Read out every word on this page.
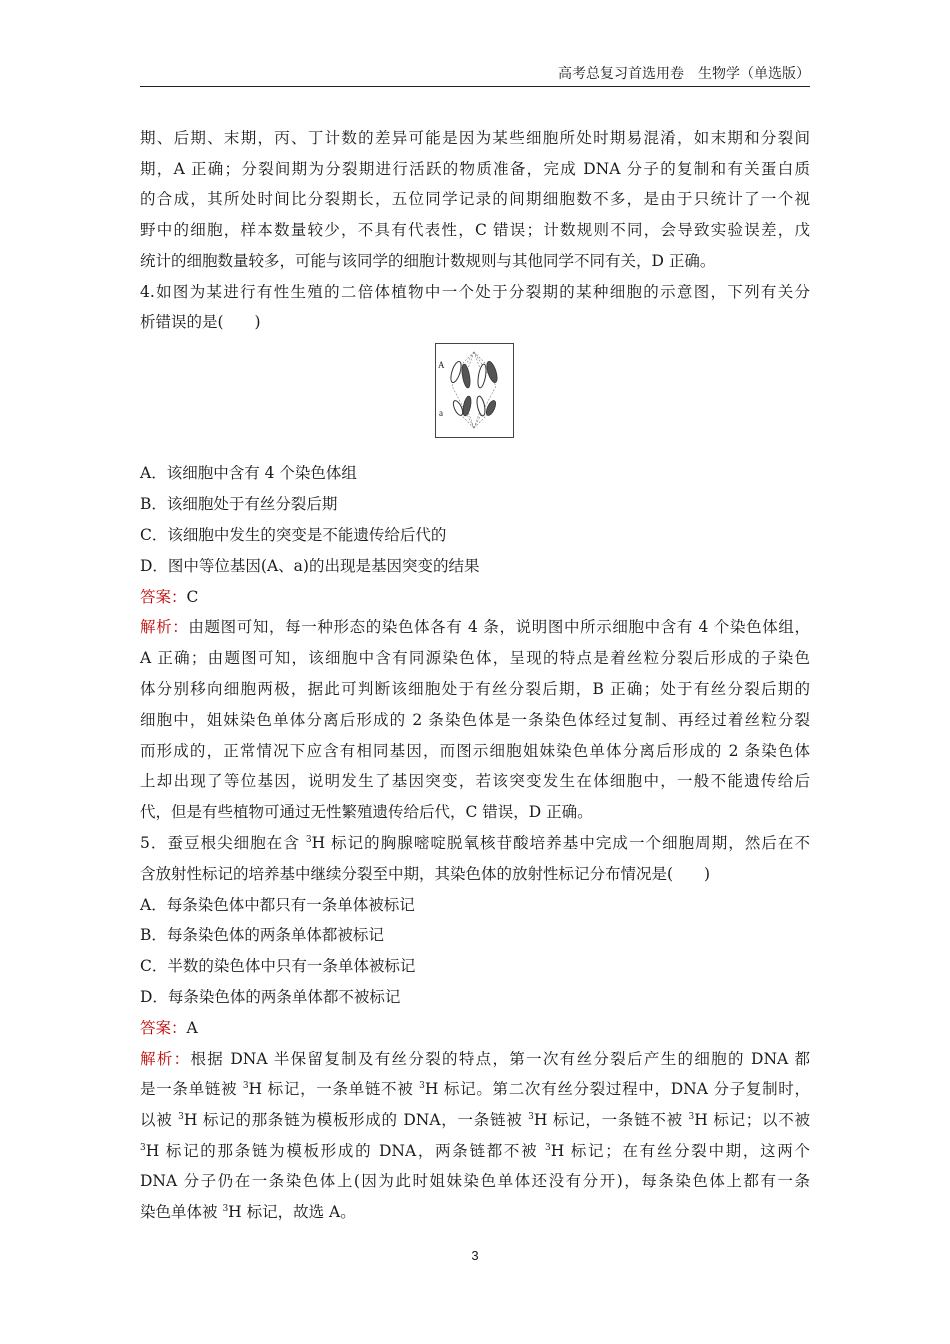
高考总复习首选用卷　生物学（单选版）
期、后期、末期，丙、丁计数的差异可能是因为某些细胞所处时期易混淆，如末期和分裂间
期，A 正确；分裂间期为分裂期进行活跃的物质准备，完成 DNA 分子的复制和有关蛋白质
的合成，其所处时间比分裂期长，五位同学记录的间期细胞数不多，是由于只统计了一个视
野中的细胞，样本数量较少，不具有代表性，C 错误；计数规则不同，会导致实验误差，戊
统计的细胞数量较多，可能与该同学的细胞计数规则与其他同学不同有关，D 正确。
4.如图为某进行有性生殖的二倍体植物中一个处于分裂期的某种细胞的示意图，下列有关分
析错误的是(　　)
A
a
A．该细胞中含有 4 个染色体组
B．该细胞处于有丝分裂后期
C．该细胞中发生的突变是不能遗传给后代的
D．图中等位基因(A、a)的出现是基因突变的结果
答案：C
解析：由题图可知，每一种形态的染色体各有 4 条，说明图中所示细胞中含有 4 个染色体组，
A 正确；由题图可知，该细胞中含有同源染色体，呈现的特点是着丝粒分裂后形成的子染色
体分别移向细胞两极，据此可判断该细胞处于有丝分裂后期，B 正确；处于有丝分裂后期的
细胞中，姐妹染色单体分离后形成的 2 条染色体是一条染色体经过复制、再经过着丝粒分裂
而形成的，正常情况下应含有相同基因，而图示细胞姐妹染色单体分离后形成的 2 条染色体
上却出现了等位基因，说明发生了基因突变，若该突变发生在体细胞中，一般不能遗传给后
代，但是有些植物可通过无性繁殖遗传给后代，C 错误，D 正确。
5．蚕豆根尖细胞在含 $^3$H 标记的胸腺嘧啶脱氧核苷酸培养基中完成一个细胞周期，然后在不
含放射性标记的培养基中继续分裂至中期，其染色体的放射性标记分布情况是(　　)
A．每条染色体中都只有一条单体被标记
B．每条染色体的两条单体都被标记
C．半数的染色体中只有一条单体被标记
D．每条染色体的两条单体都不被标记
答案：A
解析：根据 DNA 半保留复制及有丝分裂的特点，第一次有丝分裂后产生的细胞的 DNA 都
是一条单链被 $^3$H 标记，一条单链不被 $^3$H 标记。第二次有丝分裂过程中，DNA 分子复制时，
以被 $^3$H 标记的那条链为模板形成的 DNA，一条链被 $^3$H 标记，一条链不被 $^3$H 标记；以不被
$^3$H 标记的那条链为模板形成的 DNA，两条链都不被 $^3$H 标记；在有丝分裂中期，这两个
DNA 分子仍在一条染色体上(因为此时姐妹染色单体还没有分开)，每条染色体上都有一条
染色单体被 $^3$H 标记，故选 A。
3
